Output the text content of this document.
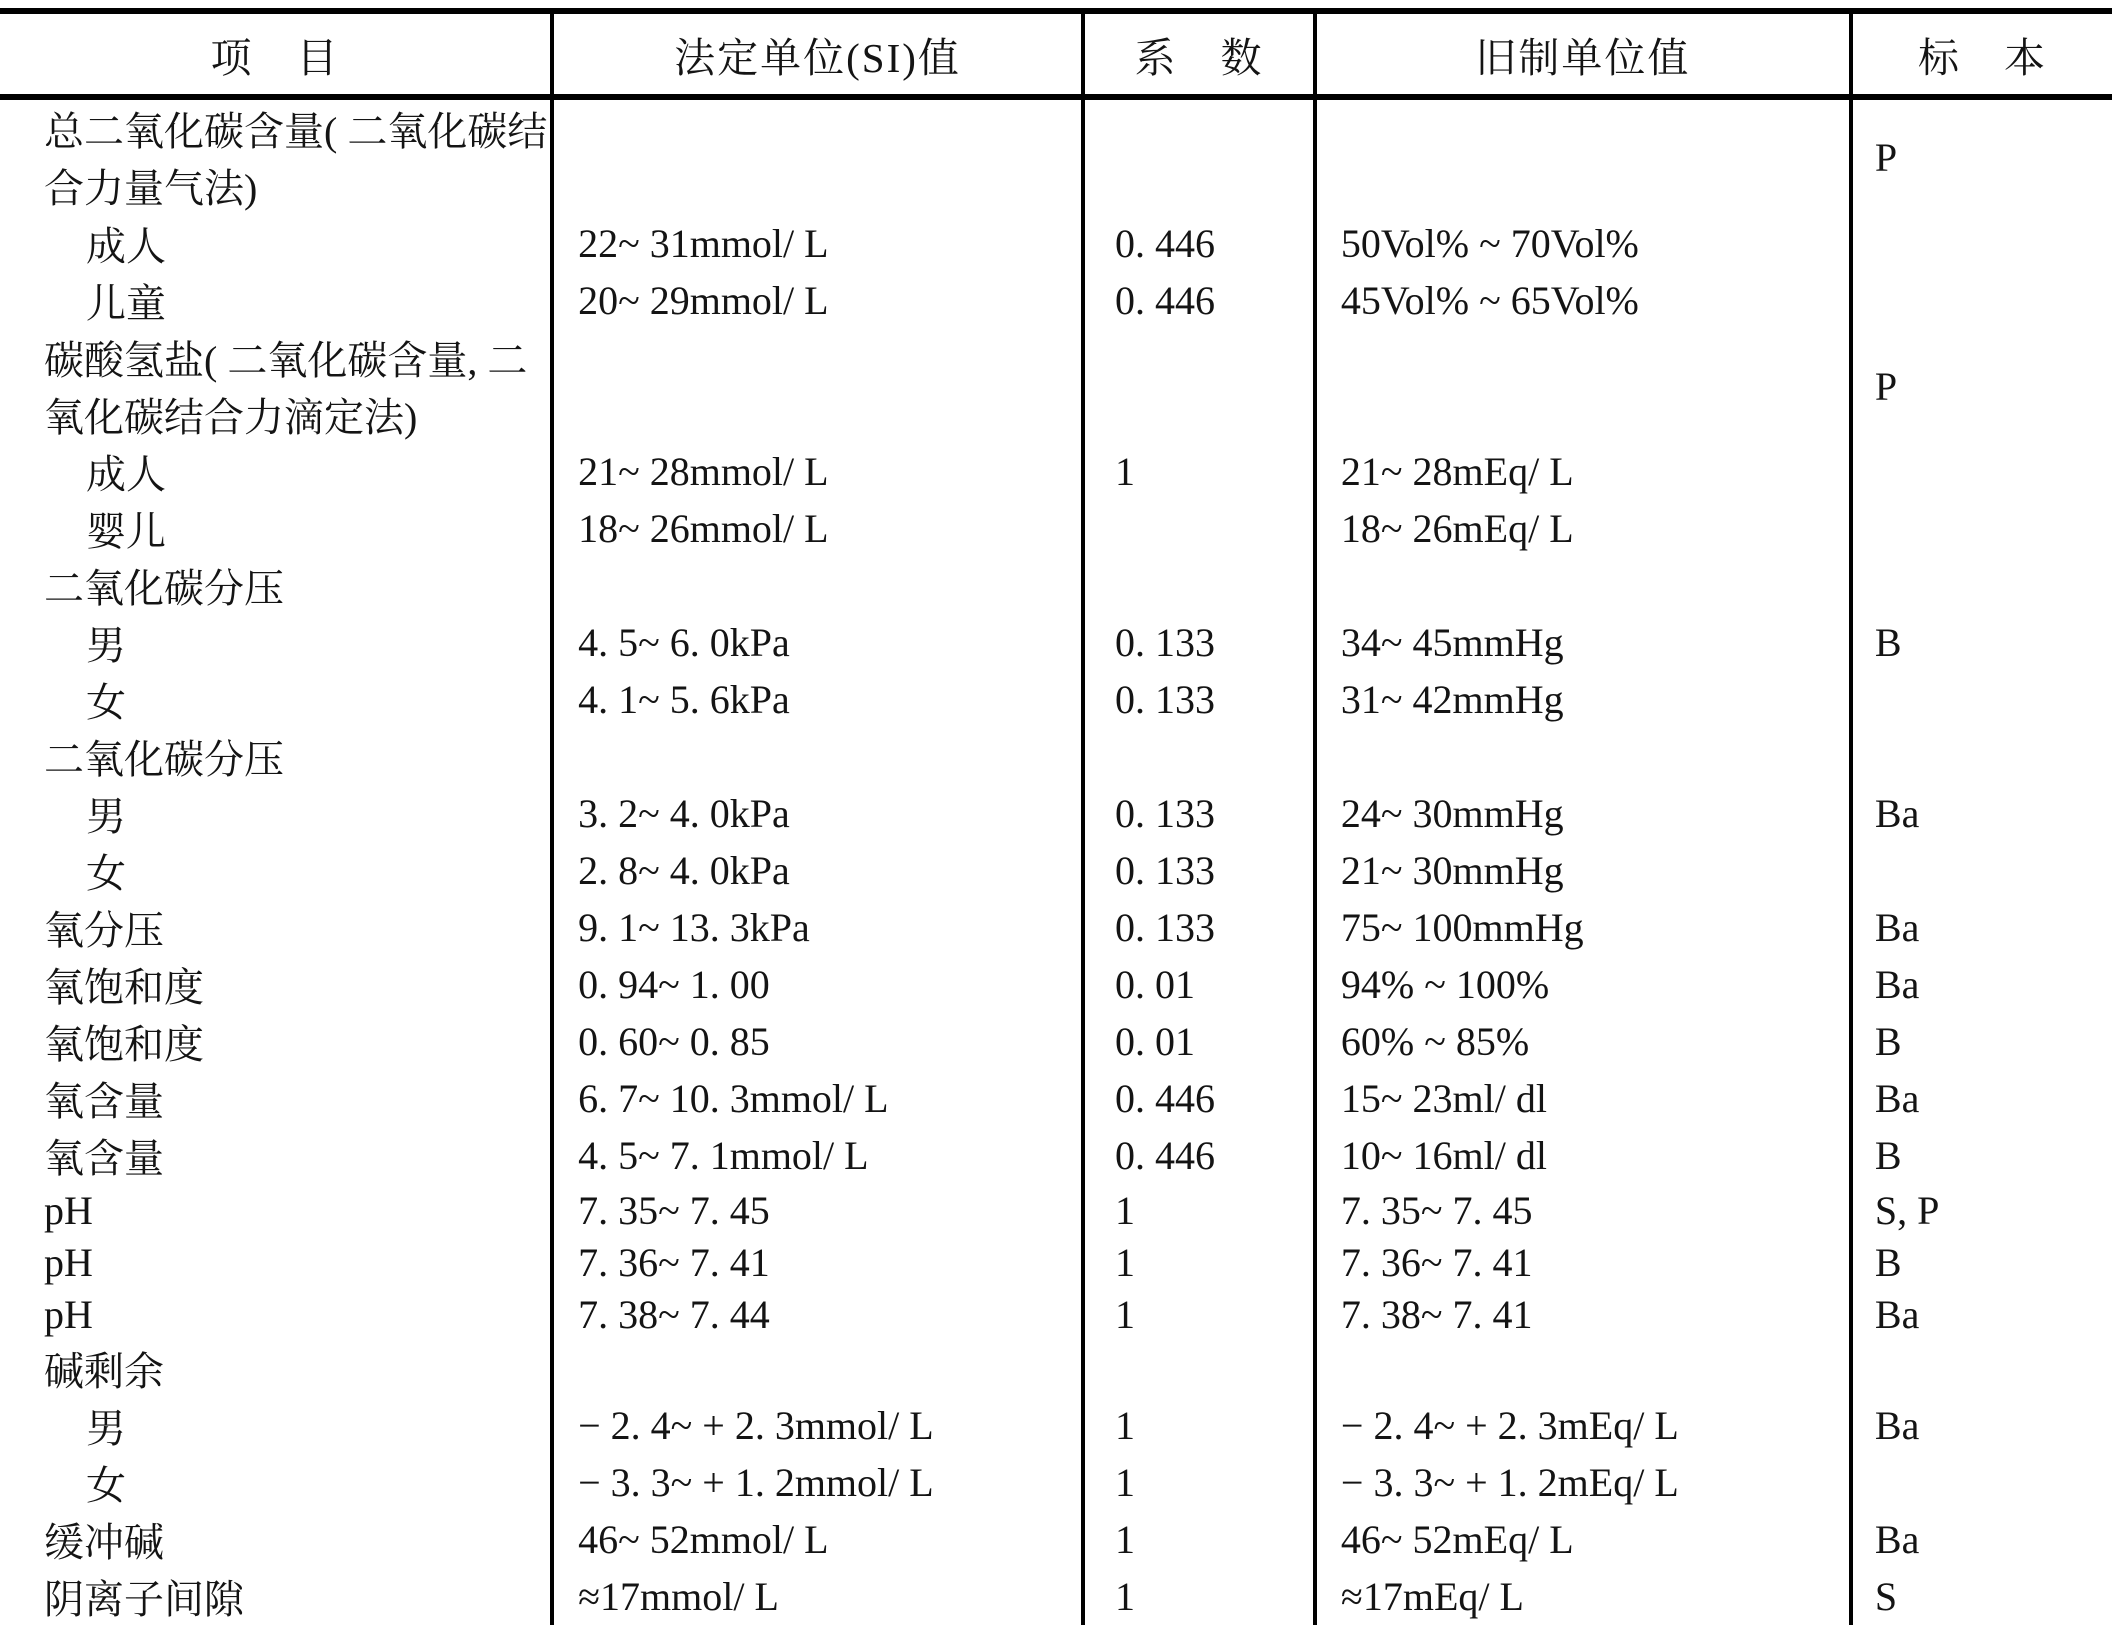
项　目	法定单位(SI)值	系　数	旧制单位值	标　本
总二氧化碳含量( 二氧化碳结				P
合力量气法)				
成人	22~ 31mmol/ L	0. 446	50Vol% ~ 70Vol%	
儿童	20~ 29mmol/ L	0. 446	45Vol% ~ 65Vol%	
碳酸氢盐( 二氧化碳含量, 二				P
氧化碳结合力滴定法)				
成人	21~ 28mmol/ L	1	21~ 28mEq/ L	
婴儿	18~ 26mmol/ L		18~ 26mEq/ L	
二氧化碳分压				
男	4. 5~ 6. 0kPa	0. 133	34~ 45mmHg	B
女	4. 1~ 5. 6kPa	0. 133	31~ 42mmHg	
二氧化碳分压				
男	3. 2~ 4. 0kPa	0. 133	24~ 30mmHg	Ba
女	2. 8~ 4. 0kPa	0. 133	21~ 30mmHg	
氧分压	9. 1~ 13. 3kPa	0. 133	75~ 100mmHg	Ba
氧饱和度	0. 94~ 1. 00	0. 01	94% ~ 100%	Ba
氧饱和度	0. 60~ 0. 85	0. 01	60% ~ 85%	B
氧含量	6. 7~ 10. 3mmol/ L	0. 446	15~ 23ml/ dl	Ba
氧含量	4. 5~ 7. 1mmol/ L	0. 446	10~ 16ml/ dl	B
pH	7. 35~ 7. 45	1	7. 35~ 7. 45	S, P
pH	7. 36~ 7. 41	1	7. 36~ 7. 41	B
pH	7. 38~ 7. 44	1	7. 38~ 7. 41	Ba
碱剩余				
男	− 2. 4~ + 2. 3mmol/ L	1	− 2. 4~ + 2. 3mEq/ L	Ba
女	− 3. 3~ + 1. 2mmol/ L	1	− 3. 3~ + 1. 2mEq/ L	
缓冲碱	46~ 52mmol/ L	1	46~ 52mEq/ L	Ba
阴离子间隙	≈17mmol/ L	1	≈17mEq/ L	S
